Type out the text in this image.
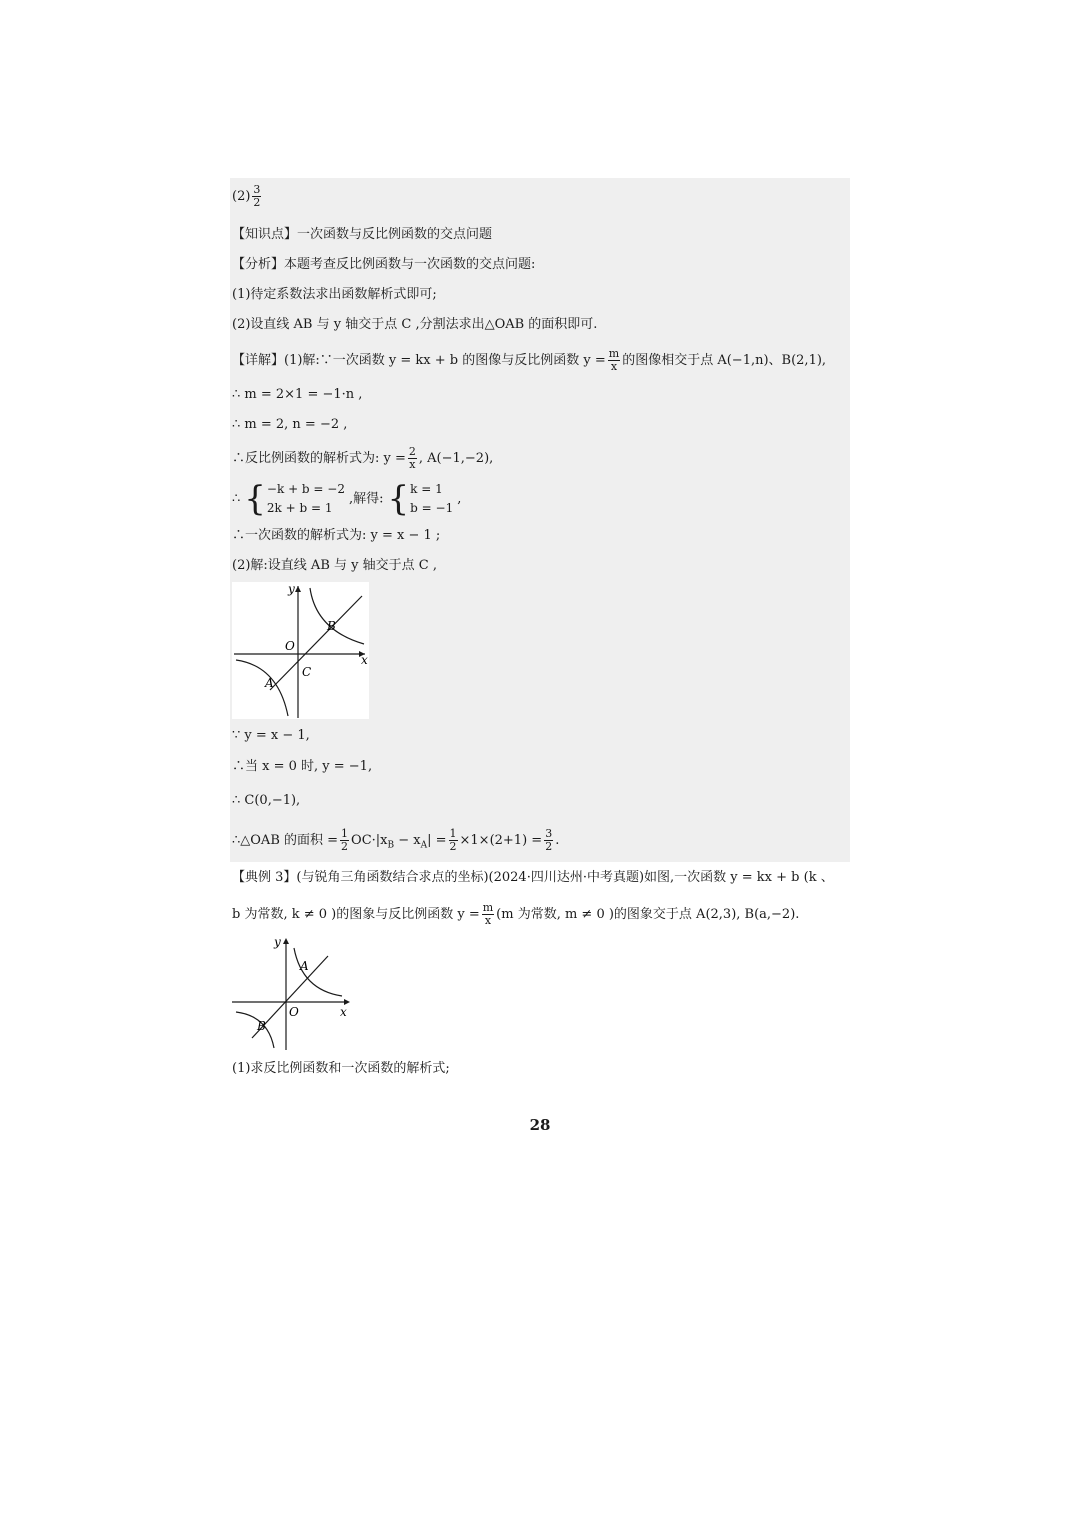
$(2) \frac{3}{2}$
【知识点】一次函数与反比例函数的交点问题
【分析】本题考查反比例函数与一次函数的交点问题:
(1)待定系数法求出函数解析式即可;
(2)设直线 AB 与 y 轴交于点 C ,分割法求出△OAB 的面积即可.
【详解】(1)解:∵一次函数 y = kx + b 的图像与反比例函数 $y = \frac{m}{x}$ 的图像相交于点 A(−1,n)、B(2,1),
∴ m = 2×1 = −1·n ,
∴ m = 2, n = −2 ,
∴反比例函数的解析式为: $y = \frac{2}{x}$ , A(−1,−2),
∴ { −k + b = −2
2k + b = 1
,解得: { k = 1
b = −1
,
∴一次函数的解析式为: y = x − 1 ;
(2)解:设直线 AB 与 y 轴交于点 C ,
y
x
O
B
C
A
∵ y = x − 1,
∴当 x = 0 时, y = −1,
∴ C(0,−1),
∴△OAB 的面积 = $\frac{1}{2} OC\cdot|x_B - x_A| = \frac{1}{2} \times 1\times(2+1) = \frac{3}{2}$ .
【典例 3】(与锐角三角函数结合求点的坐标)(2024·四川达州·中考真题)如图,一次函数 y = kx + b (k 、
b 为常数, k ≠ 0 )的图象与反比例函数 $y = \frac{m}{x} (m$ 为常数, m ≠ 0 )的图象交于点 A(2,3), B(a,−2).
y
x
O
A
B
(1)求反比例函数和一次函数的解析式;
28
